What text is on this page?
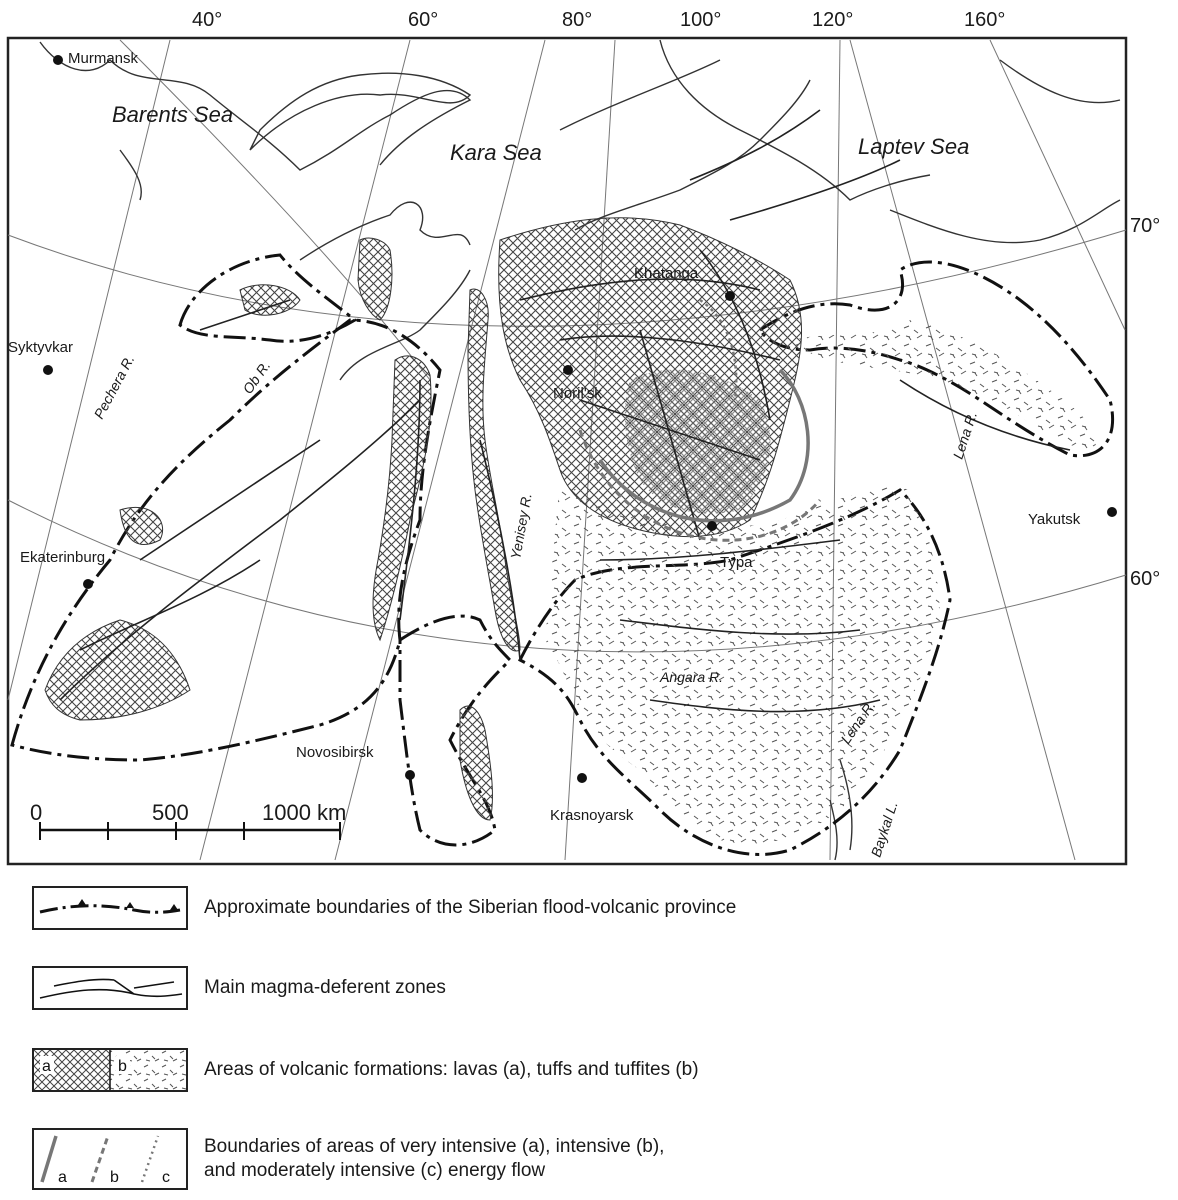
0	500	1000 km
40°	60°	80°	100°	120°	160°
70°
60°
Barents Sea
Kara Sea	Laptev Sea
Murmansk
Syktyvkar
Ekaterinburg
Novosibirsk
Krasnoyarsk
Noril'sk
Khatanga
Typa
Yakutsk
Pechera R.	Ob R.
Yenisey R.
Angara R.
Lena R.
Lena R.
Baykal L.
Approximate boundaries of the Siberian flood-volcanic province
Main magma-deferent zones
a	b	Areas of volcanic formations: lavas (a), tuffs and tuffites (b)
a	b	c
Boundaries of areas of very intensive (a), intensive (b),
and moderately intensive (c) energy flow
